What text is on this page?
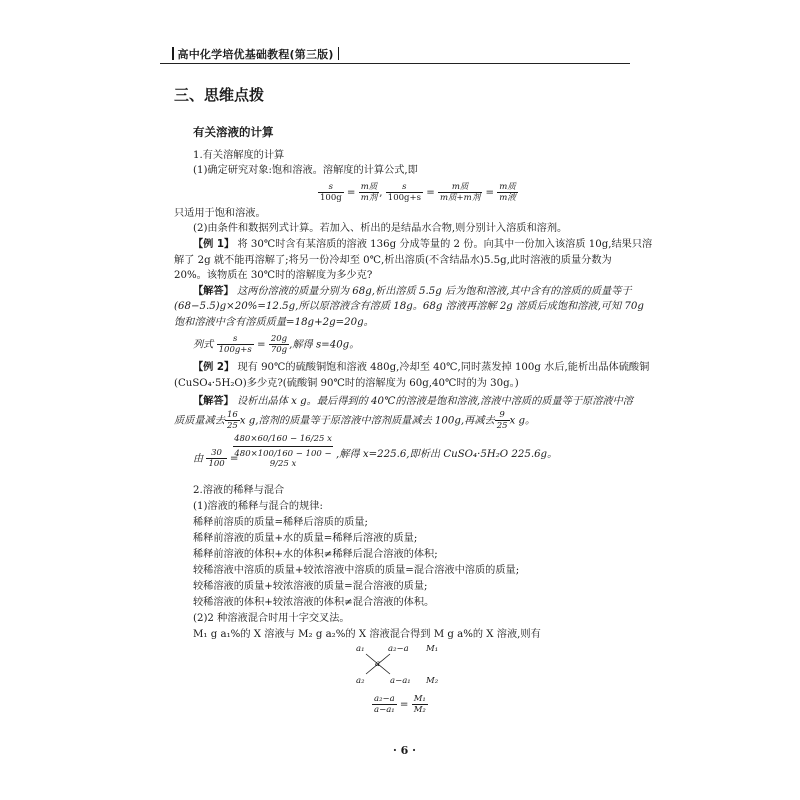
高中化学培优基础教程(第三版)
三、思维点拨
有关溶液的计算
1.有关溶解度的计算
(1)确定研究对象:饱和溶液。溶解度的计算公式,即
$\frac{s}{100g} = \frac{\text{m质}}{\text{m剂}}$ , $\frac{s}{100g+s} = \frac{\text{m质}}{\text{m质+m剂}} = \frac{\text{m质}}{\text{m液}}$
只适用于饱和溶液。
(2)由条件和数据列式计算。若加入、析出的是结晶水合物,则分别计入溶质和溶剂。
【例 1】 将 30℃时含有某溶质的溶液 136g 分成等量的 2 份。向其中一份加入该溶质 10g,结果只溶
解了 2g 就不能再溶解了;将另一份冷却至 0℃,析出溶质(不含结晶水)5.5g,此时溶液的质量分数为
20%。该物质在 30℃时的溶解度为多少克?
【解答】 这两份溶液的质量分别为 68g,析出溶质 5.5g 后为饱和溶液,其中含有的溶质的质量等于
(68−5.5)g×20%=12.5g,所以原溶液含有溶质 18g。68g 溶液再溶解 2g 溶质后成饱和溶液,可知 70g
饱和溶液中含有溶质质量=18g+2g=20g。
列式 $\frac{s}{100g+s} = \frac{20g}{70g}$ ,解得 s=40g。
【例 2】 现有 90℃的硫酸铜饱和溶液 480g,冷却至 40℃,同时蒸发掉 100g 水后,能析出晶体硫酸铜
(CuSO₄·5H₂O)多少克?(硫酸铜 90℃时的溶解度为 60g,40℃时的为 30g。)
【解答】 设析出晶体 x g。最后得到的 40℃的溶液是饱和溶液,溶液中溶质的质量等于原溶液中溶
质质量减去 $\frac{16}{25}$ x g,溶剂的质量等于原溶液中溶剂质量减去 100g,再减去 $\frac{9}{25}$ x g。
由 $\frac{30}{100}$ =
$\frac{480\times 60/160 - 16/25 x}{480\times 100/160 - 100 - 9/25 x}$ ,解得 x=225.6,即析出 CuSO₄·5H₂O 225.6g。
2.溶液的稀释与混合
(1)溶液的稀释与混合的规律:
稀释前溶质的质量=稀释后溶质的质量;
稀释前溶液的质量+水的质量=稀释后溶液的质量;
稀释前溶液的体积+水的体积≠稀释后混合溶液的体积;
较稀溶液中溶质的质量+较浓溶液中溶质的质量=混合溶液中溶质的质量;
较稀溶液的质量+较浓溶液的质量=混合溶液的质量;
较稀溶液的体积+较浓溶液的体积≠混合溶液的体积。
(2)2 种溶液混合时用十字交叉法。
M₁ g a₁%的 X 溶液与 M₂ g a₂%的 X 溶液混合得到 M g a%的 X 溶液,则有
a₁	a₂−a M₁
a
a₂	a−a₁ M₂
$\frac{\text{a₂−a}}{\text{a−a₁}} = \frac{\text{M₁}}{\text{M₂}}$
· 6 ·
